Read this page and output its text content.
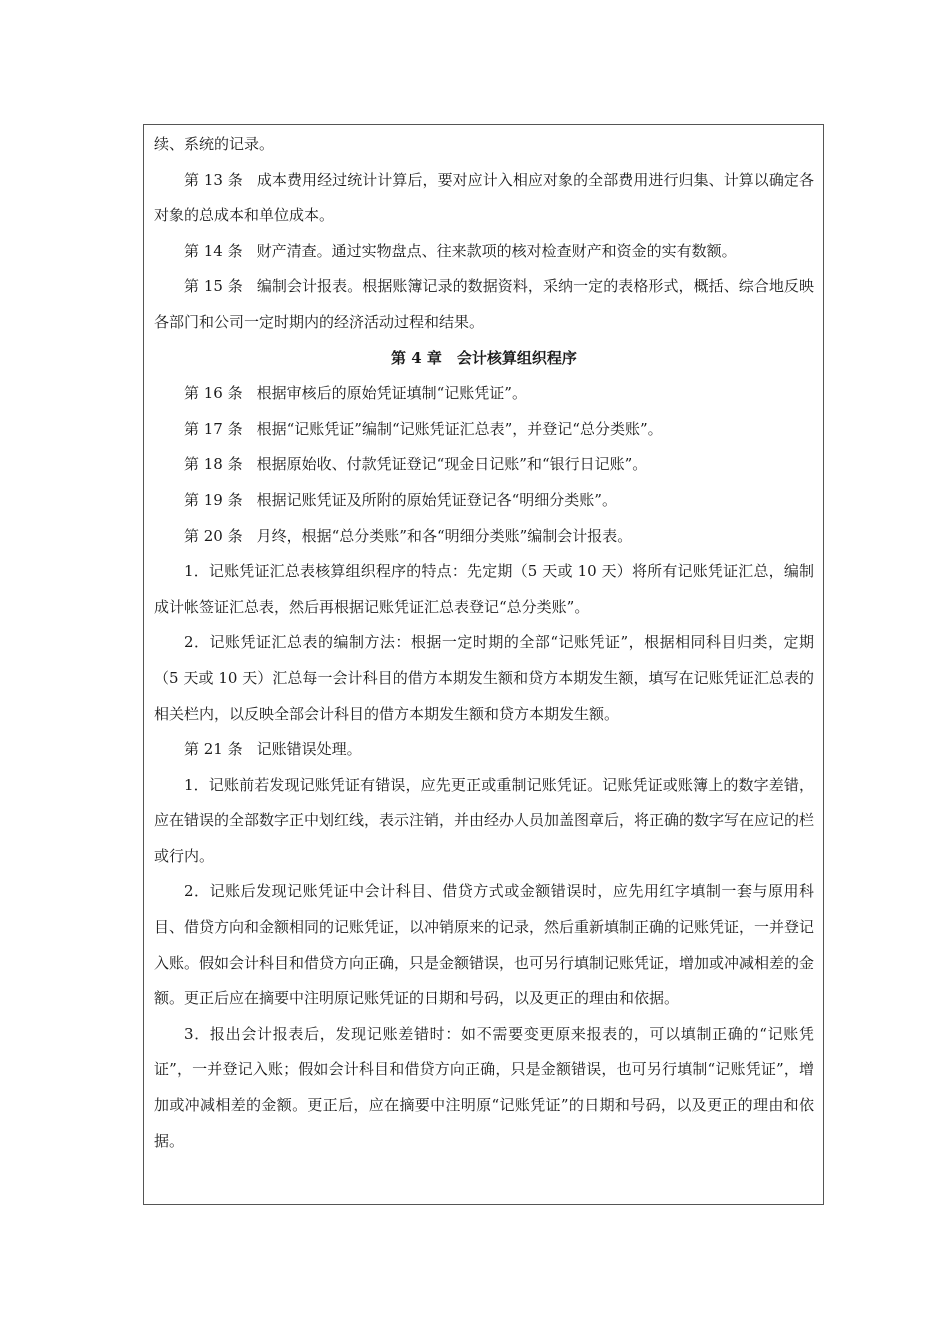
续、系统的记录。

第 13 条 成本费用经过统计计算后，要对应计入相应对象的全部费用进行归集、计算以确定各对象的总成本和单位成本。

第 14 条 财产清查。通过实物盘点、往来款项的核对检查财产和资金的实有数额。

第 15 条 编制会计报表。根据账簿记录的数据资料，采纳一定的表格形式，概括、综合地反映各部门和公司一定时期内的经济活动过程和结果。

第 4 章　会计核算组织程序

第 16 条 根据审核后的原始凭证填制“记账凭证”。

第 17 条 根据“记账凭证”编制“记账凭证汇总表”，并登记“总分类账”。

第 18 条 根据原始收、付款凭证登记“现金日记账”和“银行日记账”。

第 19 条 根据记账凭证及所附的原始凭证登记各“明细分类账”。

第 20 条 月终，根据“总分类账”和各“明细分类账”编制会计报表。

1．记账凭证汇总表核算组织程序的特点：先定期（5 天或 10 天）将所有记账凭证汇总，编制成计帐签证汇总表，然后再根据记账凭证汇总表登记“总分类账”。

2．记账凭证汇总表的编制方法：根据一定时期的全部“记账凭证”，根据相同科目归类，定期（5 天或 10 天）汇总每一会计科目的借方本期发生额和贷方本期发生额，填写在记账凭证汇总表的相关栏内，以反映全部会计科目的借方本期发生额和贷方本期发生额。

第 21 条 记账错误处理。

1．记账前若发现记账凭证有错误，应先更正或重制记账凭证。记账凭证或账簿上的数字差错，应在错误的全部数字正中划红线，表示注销，并由经办人员加盖图章后，将正确的数字写在应记的栏或行内。

2．记账后发现记账凭证中会计科目、借贷方式或金额错误时，应先用红字填制一套与原用科目、借贷方向和金额相同的记账凭证，以冲销原来的记录，然后重新填制正确的记账凭证，一并登记入账。假如会计科目和借贷方向正确，只是金额错误，也可另行填制记账凭证，增加或冲减相差的金额。更正后应在摘要中注明原记账凭证的日期和号码，以及更正的理由和依据。

3．报出会计报表后，发现记账差错时：如不需要变更原来报表的，可以填制正确的“记账凭证”，一并登记入账；假如会计科目和借贷方向正确，只是金额错误，也可另行填制“记账凭证”，增加或冲减相差的金额。更正后，应在摘要中注明原“记账凭证”的日期和号码，以及更正的理由和依据。
